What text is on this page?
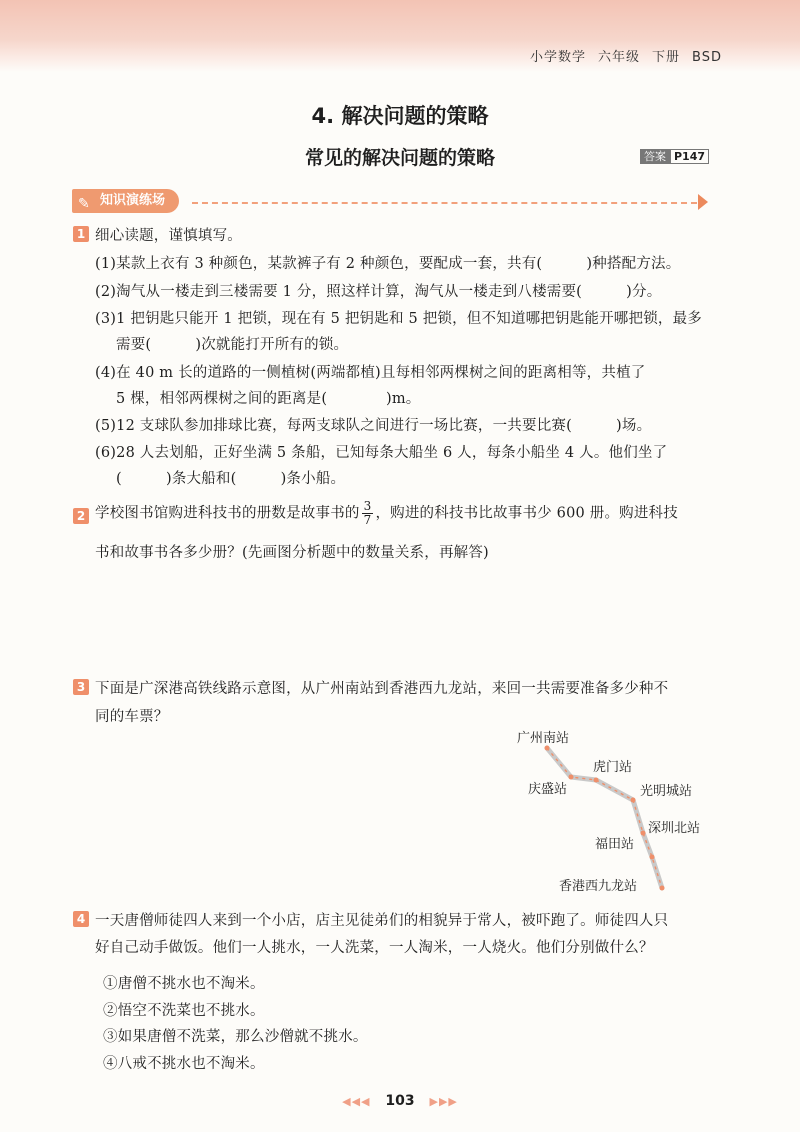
小学数学 六年级 下册 BSD
4. 解决问题的策略
常见的解决问题的策略	答案 P147
✎ 知识演练场
1 细心读题，谨慎填写。
(1)某款上衣有 3 种颜色，某款裤子有 2 种颜色，要配成一套，共有(　　　)种搭配方法。
(2)淘气从一楼走到三楼需要 1 分，照这样计算，淘气从一楼走到八楼需要(　　　)分。
(3)1 把钥匙只能开 1 把锁，现在有 5 把钥匙和 5 把锁，但不知道哪把钥匙能开哪把锁，最多
需要(　　　)次就能打开所有的锁。
(4)在 40 m 长的道路的一侧植树(两端都植)且每相邻两棵树之间的距离相等，共植了
5 棵，相邻两棵树之间的距离是(　　　　)m。
(5)12 支球队参加排球比赛，每两支球队之间进行一场比赛，一共要比赛(　　　)场。
(6)28 人去划船，正好坐满 5 条船，已知每条大船坐 6 人，每条小船坐 4 人。他们坐了
(　　　)条大船和(　　　)条小船。
2 学校图书馆购进科技书的册数是故事书的 $\frac{3}{7}$ ，购进的科技书比故事书少 600 册。购进科技
书和故事书各多少册？(先画图分析题中的数量关系，再解答)
3 下面是广深港高铁线路示意图，从广州南站到香港西九龙站，来回一共需要准备多少种不
同的车票？
广州南站
庆盛站
虎门站
光明城站
深圳北站
福田站
香港西九龙站
4 一天唐僧师徒四人来到一个小店，店主见徒弟们的相貌异于常人，被吓跑了。师徒四人只
好自己动手做饭。他们一人挑水，一人洗菜，一人淘米，一人烧火。他们分别做什么？
①唐僧不挑水也不淘米。
②悟空不洗菜也不挑水。
③如果唐僧不洗菜，那么沙僧就不挑水。
④八戒不挑水也不淘米。
◀◀◀ 103 ▶▶▶
